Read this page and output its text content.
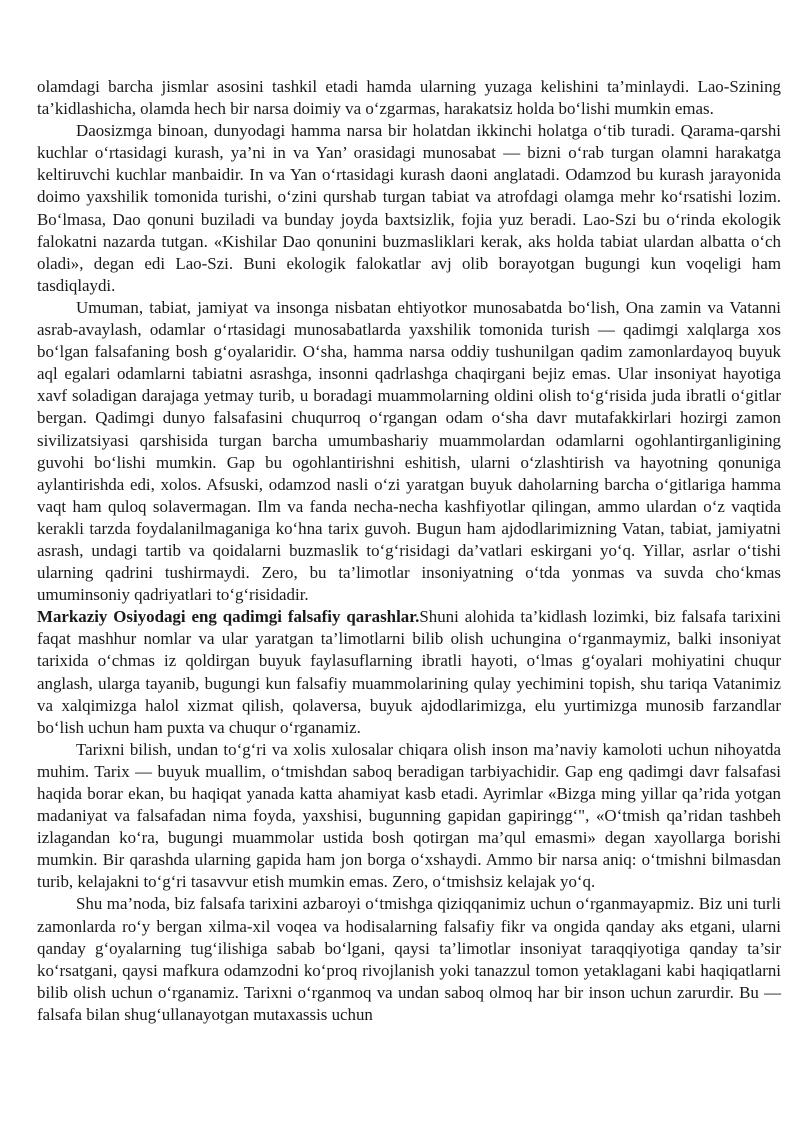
olamdagi barcha jismlar asosini tashkil etadi hamda ularning yuzaga kelishini ta’minlaydi. Lao-Szining ta’kidlashicha, olamda hech bir narsa doimiy va o‘zgarmas, harakatsiz holda bo‘lishi mumkin emas.

Daosizmga binoan, dunyodagi hamma narsa bir holatdan ikkinchi holatga o‘tib turadi. Qarama-qarshi kuchlar o‘rtasidagi kurash, ya’ni in va Yan’ orasidagi munosabat — bizni o‘rab turgan olamni harakatga keltiruvchi kuchlar manbaidir. In va Yan o‘rtasidagi kurash daoni anglatadi. Odamzod bu kurash jarayonida doimo yaxshilik tomonida turishi, o‘zini qurshab turgan tabiat va atrofdagi olamga mehr ko‘rsatishi lozim. Bo‘lmasa, Dao qonuni buziladi va bunday joyda baxtsizlik, fojia yuz beradi. Lao-Szi bu o‘rinda ekologik falokatni nazarda tutgan. «Kishilar Dao qonunini buzmasliklari kerak, aks holda tabiat ulardan albatta o‘ch oladi», degan edi Lao-Szi. Buni ekologik falokatlar avj olib borayotgan bugungi kun voqeligi ham tasdiqlaydi.

Umuman, tabiat, jamiyat va insonga nisbatan ehtiyotkor munosabatda bo‘lish, Ona zamin va Vatanni asrab-avaylash, odamlar o‘rtasidagi munosabatlarda yaxshilik tomonida turish — qadimgi xalqlarga xos bo‘lgan falsafaning bosh g‘oyalaridir. O‘sha, hamma narsa oddiy tushunilgan qadim zamonlardayoq buyuk aql egalari odamlarni tabiatni asrashga, insonni qadrlashga chaqirgani bejiz emas. Ular insoniyat hayotiga xavf soladigan darajaga yetmay turib, u boradagi muammolarning oldini olish to‘g‘risida juda ibratli o‘gitlar bergan. Qadimgi dunyo falsafasini chuqurroq o‘rgangan odam o‘sha davr mutafakkirlari hozirgi zamon sivilizatsiyasi qarshisida turgan barcha umumbashariy muammolardan odamlarni ogohlantirganligining guvohi bo‘lishi mumkin. Gap bu ogohlantirishni eshitish, ularni o‘zlashtirish va hayotning qonuniga aylantirishda edi, xolos. Afsuski, odamzod nasli o‘zi yaratgan buyuk daholarning barcha o‘gitlariga hamma vaqt ham quloq solavermagan. Ilm va fanda necha-necha kashfiyotlar qilingan, ammo ulardan o‘z vaqtida kerakli tarzda foydalanilmaganiga ko‘hna tarix guvoh. Bugun ham ajdodlarimizning Vatan, tabiat, jamiyatni asrash, undagi tartib va qoidalarni buzmaslik to‘g‘risidagi da’vatlari eskirgani yo‘q. Yillar, asrlar o‘tishi ularning qadrini tushirmaydi. Zero, bu ta’limotlar insoniyatning o‘tda yonmas va suvda cho‘kmas umuminsoniy qadriyatlari to‘g‘risidadir.

Markaziy Osiyodagi eng qadimgi falsafiy qarashlar.Shuni alohida ta’kidlash lozimki, biz falsafa tarixini faqat mashhur nomlar va ular yaratgan ta’limotlarni bilib olish uchungina o‘rganmaymiz, balki insoniyat tarixida o‘chmas iz qoldirgan buyuk faylasuflarning ibratli hayoti, o‘lmas g‘oyalari mohiyatini chuqur anglash, ularga tayanib, bugungi kun falsafiy muammolarining qulay yechimini topish, shu tariqa Vatanimiz va xalqimizga halol xizmat qilish, qolaversa, buyuk ajdodlarimizga, elu yurtimizga munosib farzandlar bo‘lish uchun ham puxta va chuqur o‘rganamiz.

Tarixni bilish, undan to‘g‘ri va xolis xulosalar chiqara olish inson ma’naviy kamoloti uchun nihoyatda muhim. Tarix — buyuk muallim, o‘tmishdan saboq beradigan tarbiyachidir. Gap eng qadimgi davr falsafasi haqida borar ekan, bu haqiqat yanada katta ahamiyat kasb etadi. Ayrimlar «Bizga ming yillar qa’rida yotgan madaniyat va falsafadan nima foyda, yaxshisi, bugunning gapidan gapiringg‘", «O‘tmish qa’ridan tashbeh izlagandan ko‘ra, bugungi muammolar ustida bosh qotirgan ma’qul emasmi» degan xayollarga borishi mumkin. Bir qarashda ularning gapida ham jon borga o‘xshaydi. Ammo bir narsa aniq: o‘tmishni bilmasdan turib, kelajakni to‘g‘ri tasavvur etish mumkin emas. Zero, o‘tmishsiz kelajak yo‘q.

Shu ma’noda, biz falsafa tarixini azbaroyi o‘tmishga qiziqqanimiz uchun o‘rganmayapmiz. Biz uni turli zamonlarda ro‘y bergan xilma-xil voqea va hodisalarning falsafiy fikr va ongida qanday aks etgani, ularni qanday g‘oyalarning tug‘ilishiga sabab bo‘lgani, qaysi ta’limotlar insoniyat taraqqiyotiga qanday ta’sir ko‘rsatgani, qaysi mafkura odamzodni ko‘proq rivojlanish yoki tanazzul tomon yetaklagani kabi haqiqatlarni bilib olish uchun o‘rganamiz. Tarixni o‘rganmoq va undan saboq olmoq har bir inson uchun zarurdir. Bu — falsafa bilan shug‘ullanayotgan mutaxassis uchun
